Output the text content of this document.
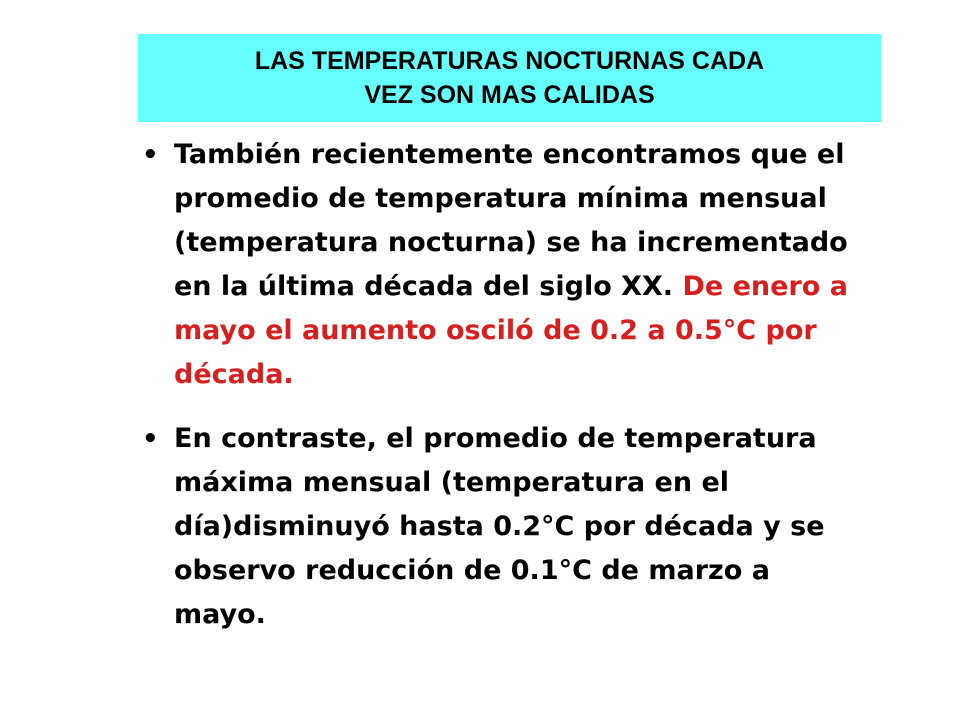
LAS TEMPERATURAS NOCTURNAS CADA
VEZ SON MAS CALIDAS
• También recientemente encontramos que el promedio de temperatura mínima mensual (temperatura nocturna) se ha incrementado en la última década del siglo XX. De enero a mayo el aumento osciló de 0.2 a 0.5°C por década.
• En contraste, el promedio de temperatura máxima mensual (temperatura en el día)disminuyó hasta 0.2°C por década y se observo reducción de 0.1°C de marzo a mayo.
